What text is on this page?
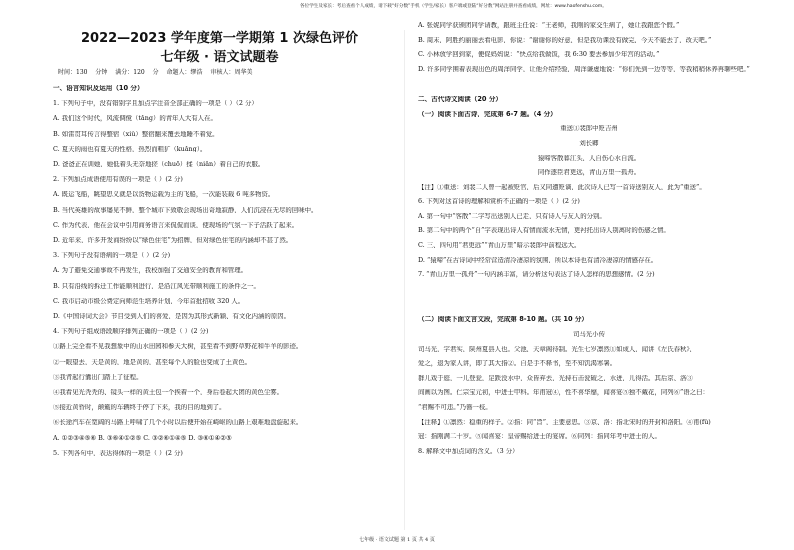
各位学生及家长：考后查看个人成绩，请下载“好分数”手机（学生/家长）客户端或登陆“好分数”网站注册并查看成绩，网址：www.haofenshu.com。
2022—2023 学年度第一学期第 1 次绿色评价
七年级 · 语文试题卷
时间：130 分钟 满分：120 分 命题人：缪浩 审核人：周华美
一、语言知识及运用（10 分）
1. 下列句子中，没有错别字且加点字注音全部正确的一项是（ ）（2 分）
A. 我们这个时代，风流倜傥（tǎng）的青年人大有人在。
B. 如雷贯耳传言得整宿（xiǔ）整宿翻来覆去地睡不着觉。
C. 夏天的雨也有夏天的性格，热烈而粗犷（kuǎng）。
D. 爸爸正在训她，她低着头无奈地搓（chuō）揉（niǎn）着自己的衣服。
2. 下列加点成语使用有误的一项是（ ）(2 分)
A. 既运飞船，眺望思义就是以货物运载为主的飞船，一次能装载 6 吨多物资。
B. 当代英雄的故事屡见不鲜，整个城市下致敬会现场出奇地寂静，人们沉浸在无尽的回味中。
C. 作为代表，他在会议中引用商务语言来侃侃而谈，使现场的气氛一下子活跃了起来。
D. 近年来，许多开发商纷纷以“绿色住宅”为招牌，但对绿色住宅的内涵却不甚了然。
3. 下列句子没有语病的一项是（ ）(2 分)
A. 为了避免交通事故不再发生，我校加强了交通安全的教育和管理。
B. 只有沿线的拆迁工作能顺利进行，是沿江风光带顺利施工的条件之一。
C. 我市启动市级公费定向师范生培养计划，今年首批招收 320 人。
D.《中国诗词大会》节目受到人们的喜爱，是因为其形式新颖、有文化内涵的原因。
4. 下列句子组成语段顺序排列正确的一项是（ ）(2 分)
①路上完全看不见我想象中的山水田园和参天大树，甚至看不到野草野花和牛羊的影迹。
②一眼望去，天是黄的，地是黄的，甚至每个人的脸也变成了土黄色。
③我背起行囊出门踏上了征程。
④我看见光秃秃的、镜头一样的黄土包一个挨着一个，身后卷起大团的黄色尘雾。
⑤接近黄昏时，颠簸的车辆终于停了下来，我的目的地到了。
⑥长途汽车在宽阔的马路上呼啸了几个小时以后便开始在崎岖的山路上艰难地盘旋起来。
A. ①②③④⑤⑥ B. ③⑥④①②⑤ C. ③②⑥①④⑤ D. ③⑥①④②⑤
5. 下列各句中，表达得体的一项是（ ）(2 分)
A. 张妮同学获颁团同学请教，跟班主任说：“王老师，我刚的家交生病了，她让我跟您个假。”
B. 周末，阿胜约丽丽去看电影，你说：“谢谢你的好意，但是我功课没有做完，今天不能去了，改天吧。”
C. 小林放学回到家，便促妈妈说：“快点给我做饭，我 6:30 要去参加少年宫的活动。”
D. 许多同学围着表现出色的周洋同学，让他介绍经验，周洋谦虚地说：“你们先到一边等等，等我稍稍休养再聊些吧。”
二、古代诗文阅读（20 分）
（一）阅读下面古诗，完成第 6-7 题。（4 分）
重送①裴郎中贬吉州
刘长卿
猿啼客散暮江头，人自伤心水自流。
同作逐臣君更远，青山万里一孤舟。
【注】①重送：刘裴二人曾一起被贬官，后又同遭贬谪，此次诗人已写一首诗送别友人，此为“重送”。
6. 下列对这首诗的理解和赏析不正确的一项是（ ）(2 分)
A. 第一句中“客散”二字写出送别人已走，只有诗人与友人的分别。
B. 第二句中的两个“自”字表现出诗人有情而流水无情，更衬托出诗人别离时的伤感之情。
C. 三、四句用“君更远”“青山万里”暗示裴郎中前程远大。
D. “猿啼”在古诗词中经常营造清冷凄凉的氛围，所以本诗也有清冷凄凉的情感存在。
7. “青山万里一孤舟”一句内涵丰富，请分析这句表达了诗人怎样的思想感情。(2 分)
（二）阅读下面文言文段，完成第 8-10 题。（共 10 分）
司马光小传
司马光，字君实，陕州夏县人也。父池，天章阁待制。光生七岁凛然①如成人，闻讲《左氏春秋》，
爱之，退为家人讲，即了其大指②。自是手不释书，至不知饥渴寒暑。
群儿戏于庭，一儿登瓮，足跌没水中，众皆弃去，光持石击瓮破之，水迸，儿得活。其后京、洛③
间画以为图。仁宗宝元初，中进士甲科。年甫冠④，性不喜华靡，闻喜宴⑤独不戴花，同列⑥”语之曰：
“君赐不可违。”乃簪一枝。
【注释】①凛然：稳重的样子。②指：同“旨”，主要意思。③京、洛：指北宋时的开封和洛阳。④甫(fǔ)
冠：指刚满二十岁。⑤闻喜宴：皇帝赐给进士的宴席。⑥同列：指同年考中进士的人。
8. 解释文中加点词的含义。（3 分）
七年级 · 语文试题 第 1 页 共 4 页
